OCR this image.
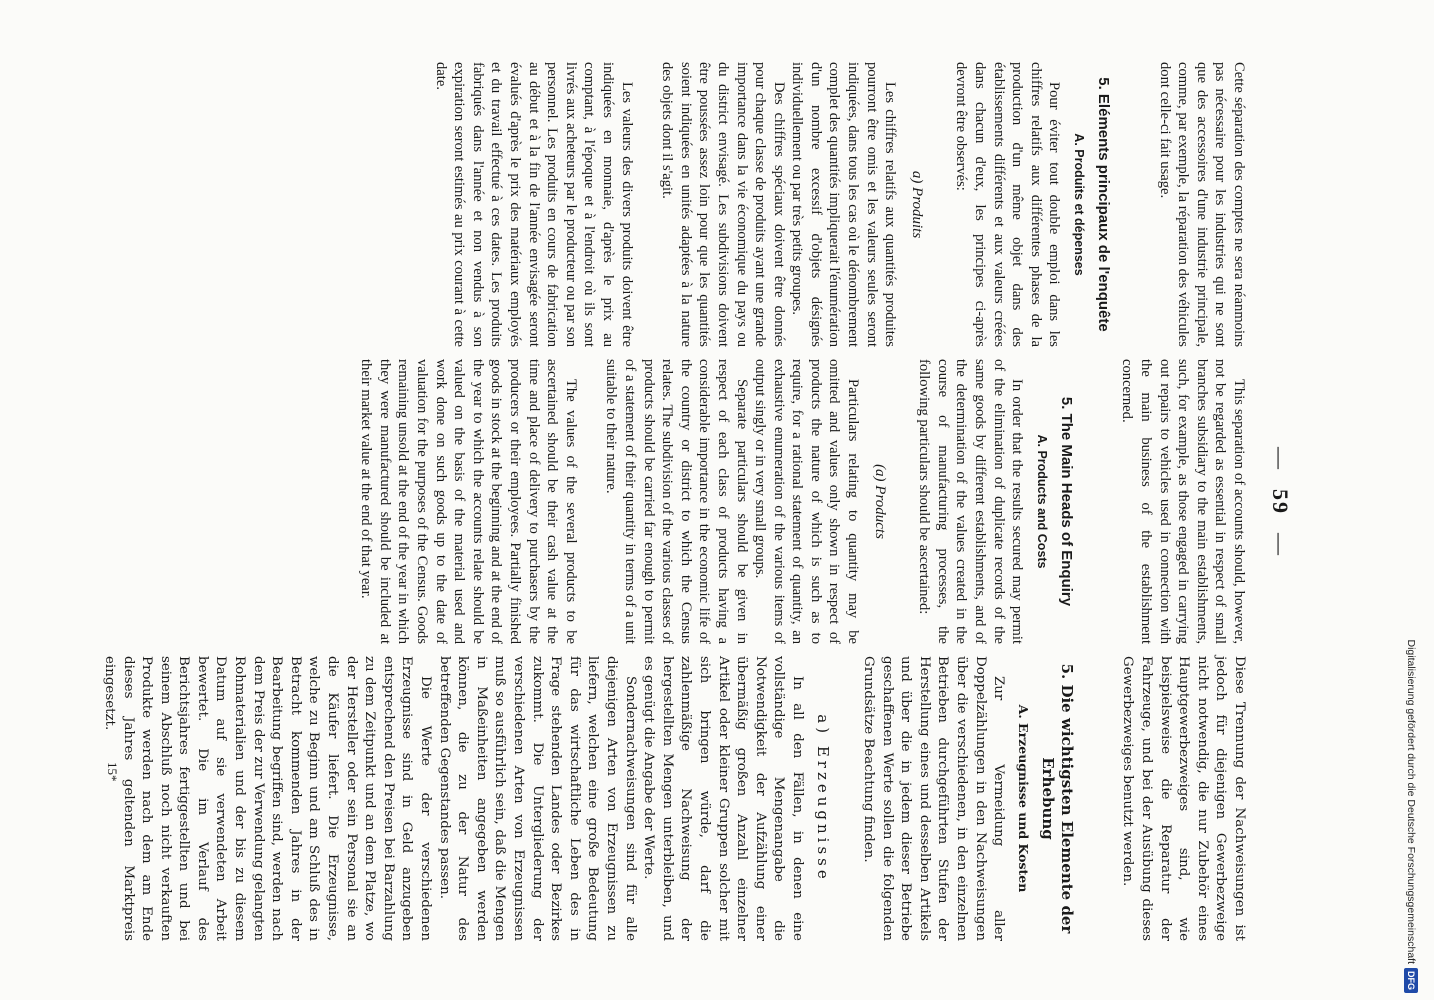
—59—

Cette séparation des comptes ne sera néanmoins pas nécessaire pour les industries qui ne sont que des accessoires d'une industrie principale, comme, par exemple, la réparation des véhicules dont celle-ci fait usage.

5. Eléments principaux de l'enquête
A. Produits et dépenses

Pour éviter tout double emploi dans les chiffres relatifs aux différentes phases de la production d'un même objet dans des établissements différents et aux valeurs créées dans chacun d'eux, les principes ci-après devront être observés:

a) Produits

Les chiffres relatifs aux quantités produites pourront être omis et les valeurs seules seront indiquées, dans tous les cas où le dénombrement complet des quantités impliquerait l'énumération d'un nombre excessif d'objets désignés individuellement ou par très petits groupes.

Des chiffres spéciaux doivent être donnés pour chaque classe de produits ayant une grande importance dans la vie économique du pays ou du district envisagé. Les subdivisions doivent être poussées assez loin pour que les quantités soient indiquées en unités adaptées à la nature des objets dont il s'agit.

Les valeurs des divers produits doivent être indiquées en monnaie, d'après le prix au comptant, à l'époque et à l'endroit où ils sont livrés aux acheteurs par le producteur ou par son personnel. Les produits en cours de fabrication au début et à la fin de l'année envisagée seront évalués d'après le prix des matériaux employés et du travail effectué à ces dates. Les produits fabriqués dans l'année et non vendus à son expiration seront estimés au prix courant à cette date.

This separation of accounts should, however, not be regarded as essential in respect of small branches subsidiary to the main establishments, such, for example, as those engaged in carrying out repairs to vehicles used in connection with the main business of the establishment concerned.

5. The Main Heads of Enquiry
A. Products and Costs

In order that the results secured may permit of the elimination of duplicate records of the same goods by different establishments, and of the determination of the values created in the course of manufacturing processes, the following particulars should be ascertained:

(a) Products

Particulars relating to quantity may be omitted and values only shown in respect of products the nature of which is such as to require, for a rational statement of quantity, an exhaustive enumeration of the various items of output singly or in very small groups.

Separate particulars should be given in respect of each class of products having a considerable importance in the economic life of the country or district to which the Census relates. The subdivision of the various classes of products should be carried far enough to permit of a statement of their quantity in terms of a unit suitable to their nature.

The values of the several products to be ascertained should be their cash value at the time and place of delivery to purchasers by the producers or their employees. Partially finished goods in stock at the beginning and at the end of the year to which the accounts relate should be valued on the basis of the material used and work done on such goods up to the date of valuation for the purposes of the Census. Goods remaining unsold at the end of the year in which they were manufactured should be included at their market value at the end of that year.

Diese Trennung der Nachweisungen ist jedoch für diejenigen Gewerbezweige nicht notwendig, die nur Zubehör eines Hauptgewerbezweiges sind, wie beispielsweise die Reparatur der Fahrzeuge, und bei der Ausübung dieses Gewerbezweiges benutzt werden.

5. Die wichtigsten Elemente der Erhebung
A. Erzeugnisse und Kosten

Zur Vermeidung aller Doppelzählungen in den Nachweisungen über die verschiedenen, in den einzelnen Betrieben durchgeführten Stufen der Herstellung eines und desselben Artikels und über die in jedem dieser Betriebe geschaffenen Werte sollen die folgenden Grundsätze Beachtung finden.

a) Erzeugnisse

In all den Fällen, in denen eine vollständige Mengenangabe die Notwendigkeit der Aufzählung einer übermäßig großen Anzahl einzelner Artikel oder kleiner Gruppen solcher mit sich bringen würde, darf die zahlenmäßige Nachweisung der hergestellten Mengen unterbleiben, und es genügt die Angabe der Werte.

Sondernachweisungen sind für alle diejenigen Arten von Erzeugnissen zu liefern, welchen eine große Bedeutung für das wirtschaftliche Leben des in Frage stehenden Landes oder Bezirkes zukommt. Die Untergliederung der verschiedenen Arten von Erzeugnissen muß so ausführlich sein, daß die Mengen in Maßeinheiten angegeben werden können, die zu der Natur des betreffenden Gegenstandes passen.

Die Werte der verschiedenen Erzeugnisse sind in Geld anzugeben entsprechend den Preisen bei Barzahlung zu dem Zeitpunkt und an dem Platze, wo der Hersteller oder sein Personal sie an die Käufer liefert. Die Erzeugnisse, welche zu Beginn und am Schluß des in Betracht kommenden Jahres in der Bearbeitung begriffen sind, werden nach dem Preis der zur Verwendung gelangten Rohmaterialien und der bis zu diesem Datum auf sie verwendeten Arbeit bewertet. Die im Verlauf des Berichtsjahres fertiggestellten und bei seinem Abschluß noch nicht verkauften Produkte werden nach dem am Ende dieses Jahres geltenden Marktpreis eingesetzt.

15*	Digitalisierung gefördert durch die Deutsche ForschungsgemeinschaftDFG
